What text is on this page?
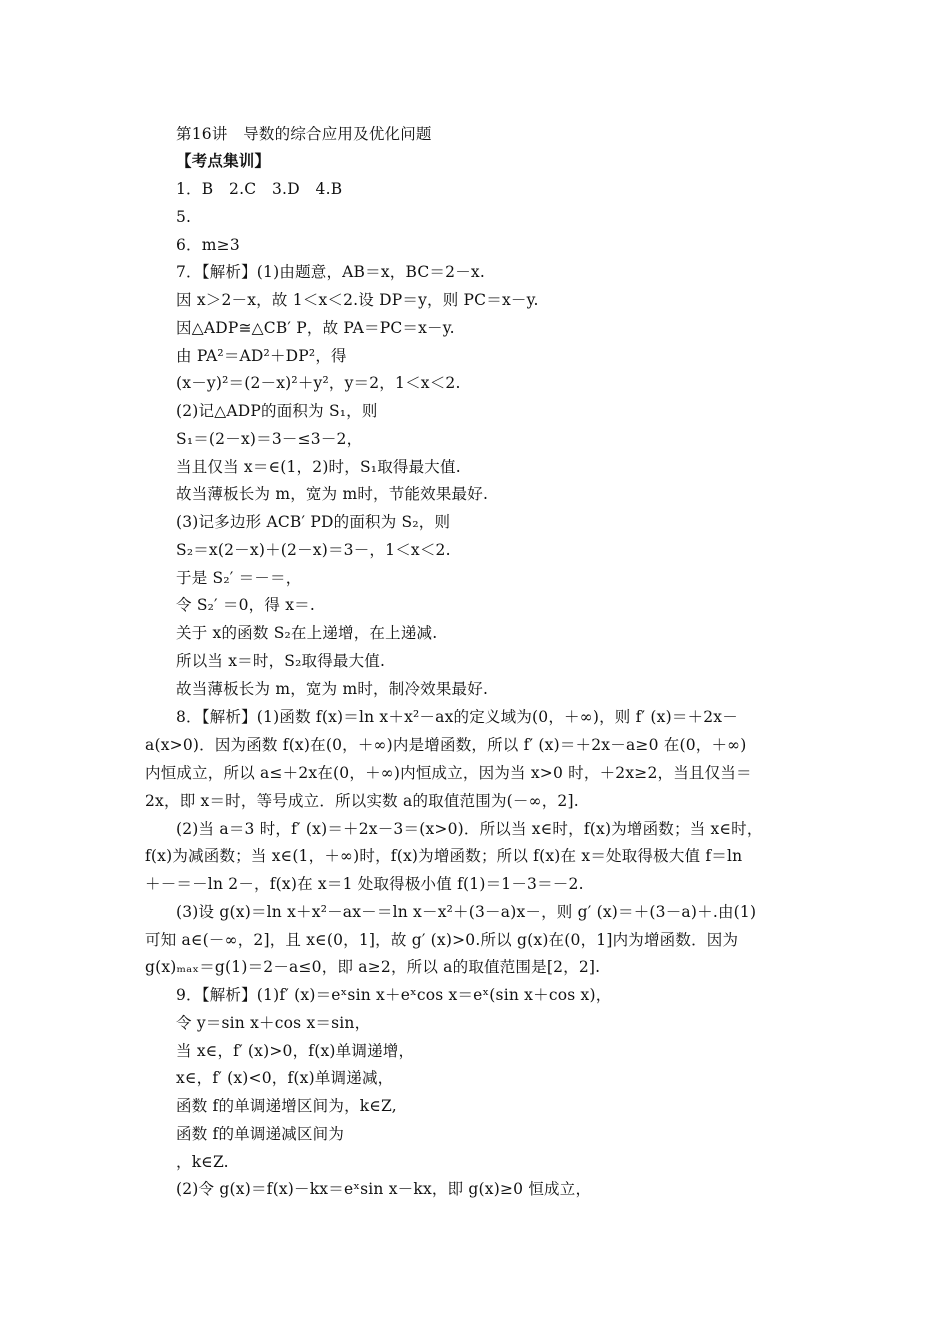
第16讲　导数的综合应用及优化问题
【考点集训】
1．B　2.C　3.D　4.B
5.
6．m≥3
7．【解析】(1)由题意，AB＝x，BC＝2－x.
因 x＞2－x，故 1＜x＜2.设 DP＝y，则 PC＝x－y.
因△ADP≅△CB′ P，故 PA＝PC＝x－y.
由 PA²＝AD²＋DP²，得
(x－y)²＝(2－x)²＋y²，y＝2，1＜x＜2.
(2)记△ADP的面积为 S₁，则
S₁＝(2－x)＝3－≤3－2，
当且仅当 x＝∈(1，2)时，S₁取得最大值.
故当薄板长为 m，宽为 m时，节能效果最好.
(3)记多边形 ACB′ PD的面积为 S₂，则
S₂＝x(2－x)＋(2－x)＝3－，1＜x＜2.
于是 S₂′ ＝－＝，
令 S₂′ ＝0，得 x＝.
关于 x的函数 S₂在上递增，在上递减.
所以当 x＝时，S₂取得最大值.
故当薄板长为 m，宽为 m时，制冷效果最好.
8．【解析】(1)函数 f(x)＝ln x＋x²－ax的定义域为(0，＋∞)，则 f′ (x)＝＋2x－
a(x>0)．因为函数 f(x)在(0，＋∞)内是增函数，所以 f′ (x)＝＋2x－a≥0 在(0，＋∞)
内恒成立，所以 a≤＋2x在(0，＋∞)内恒成立，因为当 x>0 时，＋2x≥2，当且仅当＝
2x，即 x＝时，等号成立．所以实数 a的取值范围为(－∞，2].
(2)当 a＝3 时，f′ (x)＝＋2x－3＝(x>0)．所以当 x∈时，f(x)为增函数；当 x∈时，
f(x)为减函数；当 x∈(1，＋∞)时，f(x)为增函数；所以 f(x)在 x＝处取得极大值 f＝ln
＋－＝－ln 2－，f(x)在 x＝1 处取得极小值 f(1)＝1－3＝－2.
(3)设 g(x)＝ln x＋x²－ax－＝ln x－x²＋(3－a)x－，则 g′ (x)＝＋(3－a)＋.由(1)
可知 a∈(－∞，2]，且 x∈(0，1]，故 g′ (x)>0.所以 g(x)在(0，1]内为增函数．因为
g(x)ₘₐₓ＝g(1)＝2－a≤0，即 a≥2，所以 a的取值范围是[2，2].
9．【解析】(1)f′ (x)＝eˣsin x＋eˣcos x＝eˣ(sin x＋cos x)，
令 y＝sin x＋cos x＝sin，
当 x∈，f′ (x)>0，f(x)单调递增，
x∈，f′ (x)<0，f(x)单调递减，
函数 f的单调递增区间为，k∈Z,
函数 f的单调递减区间为
，k∈Z.
(2)令 g(x)＝f(x)－kx＝eˣsin x－kx，即 g(x)≥0 恒成立，
